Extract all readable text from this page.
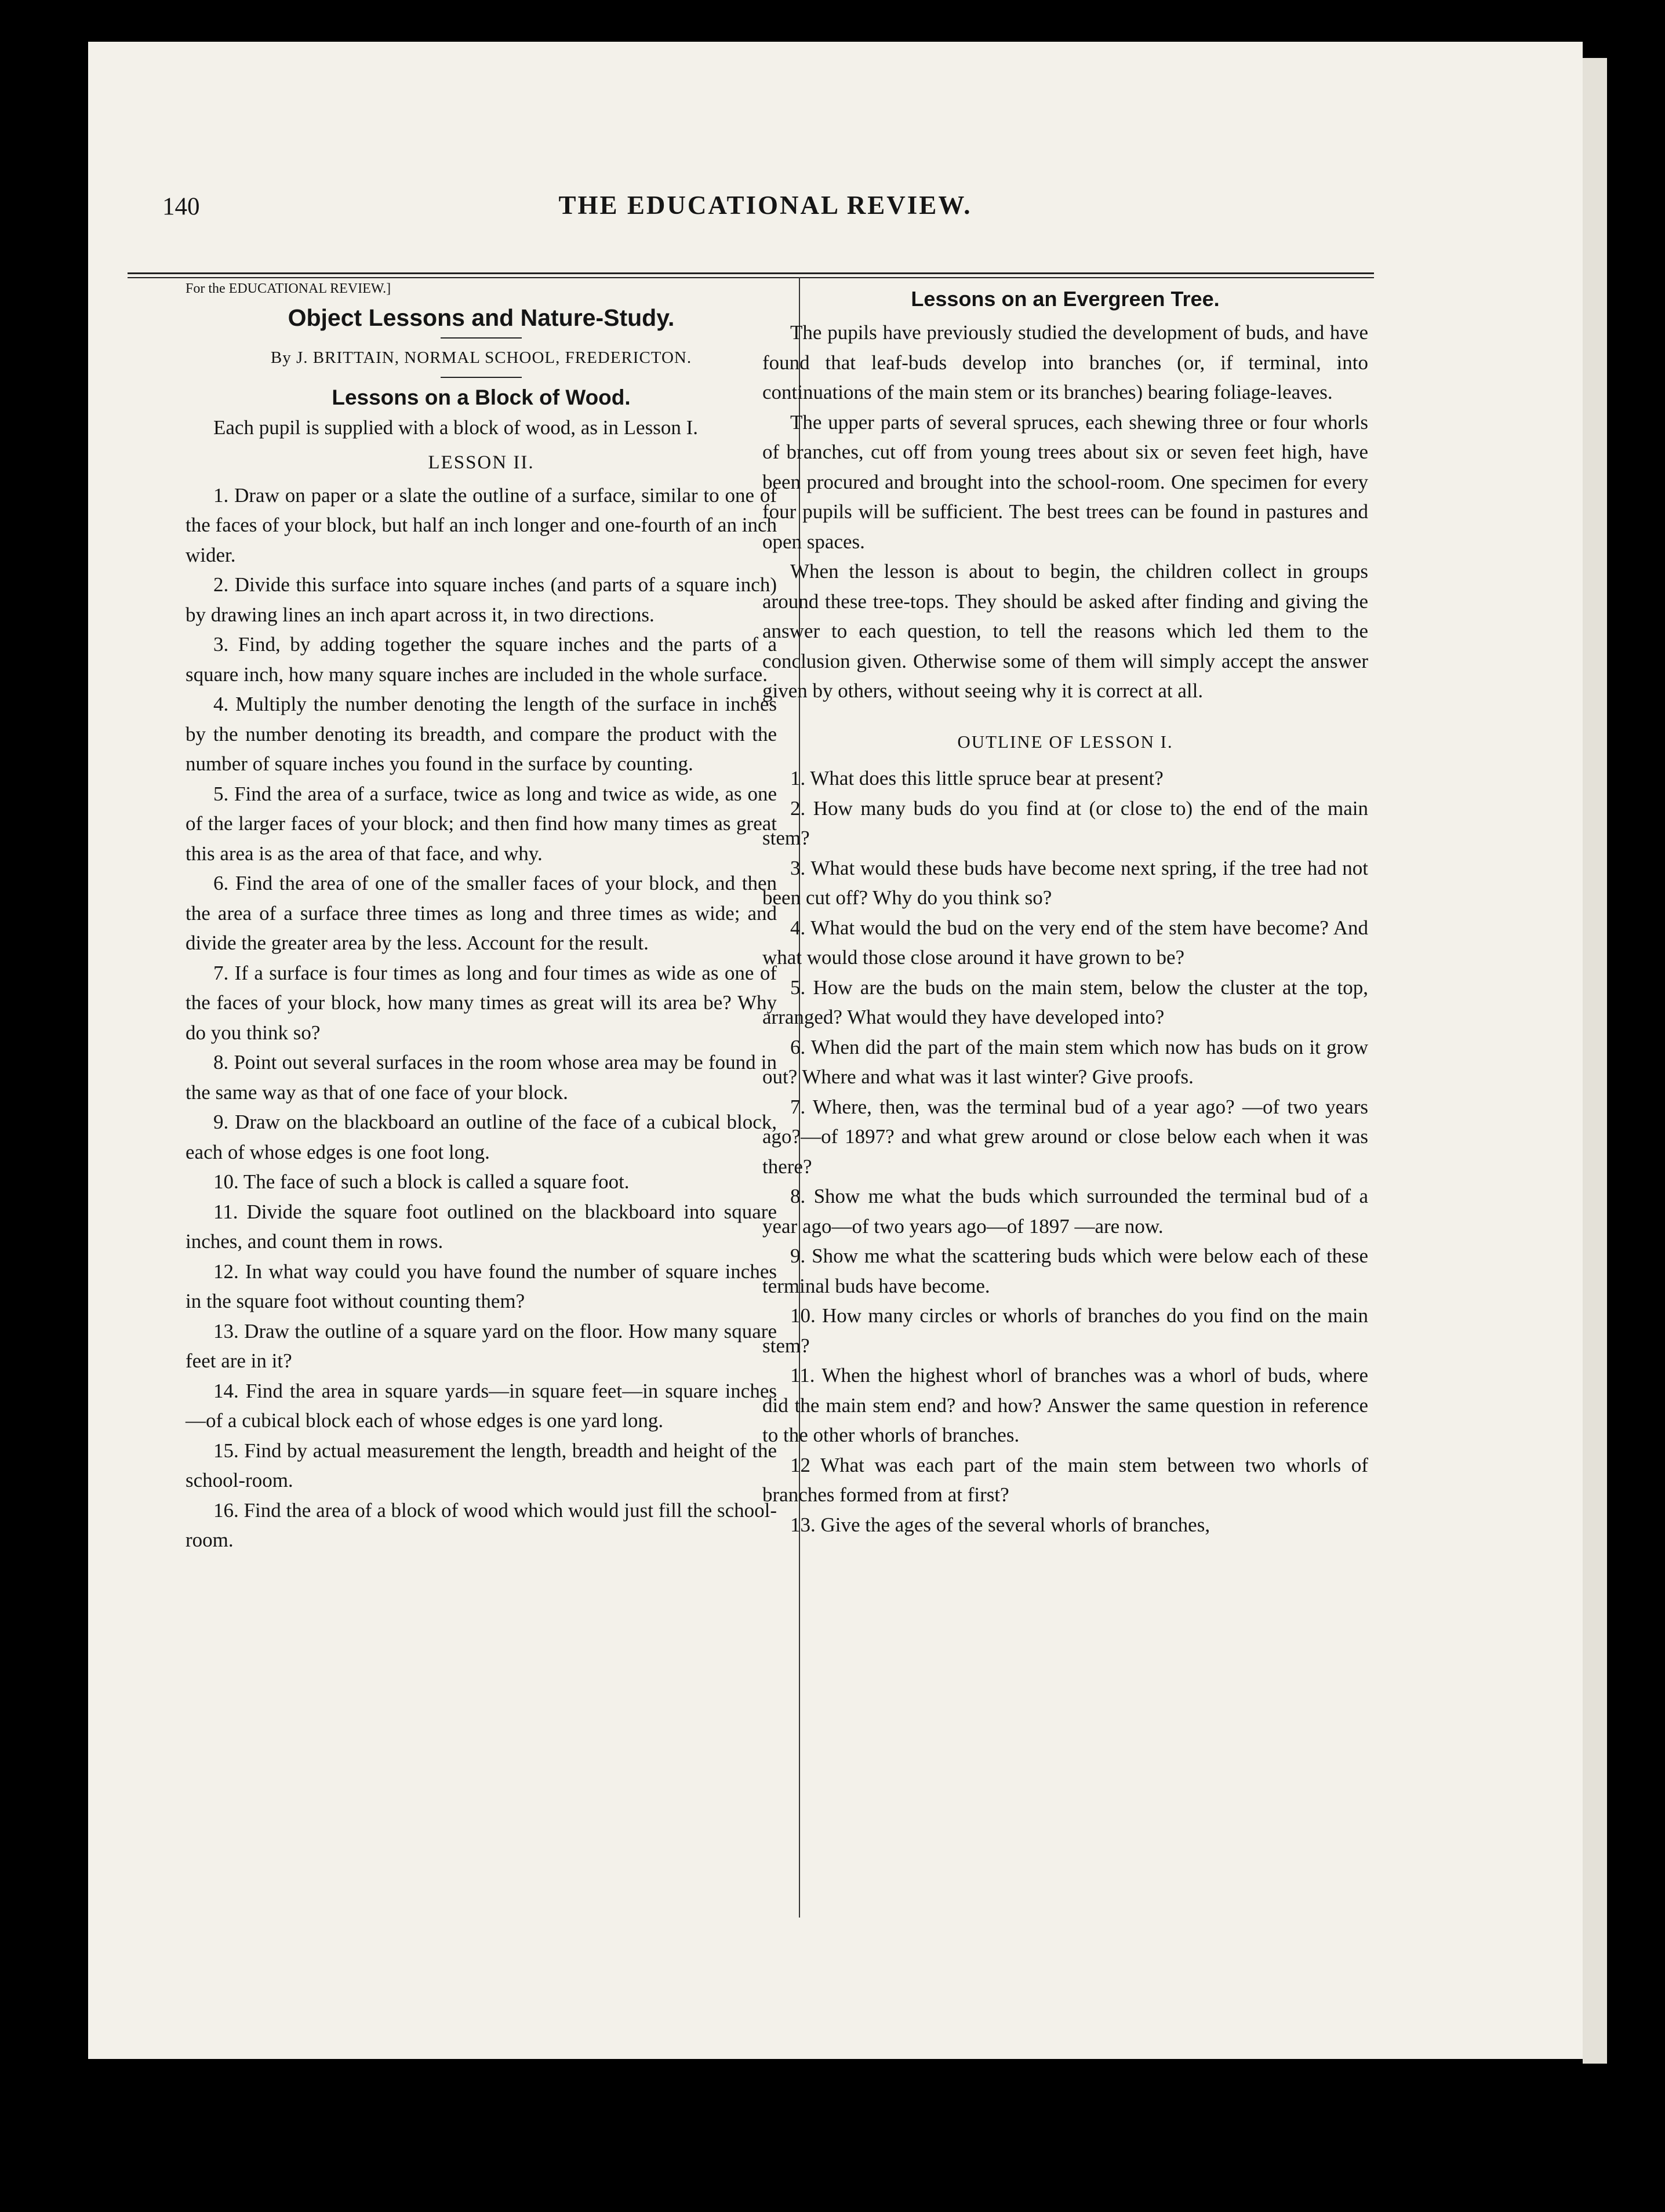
140	THE EDUCATIONAL REVIEW.

For the EDUCATIONAL REVIEW.]

Object Lessons and Nature-Study.
By J. BRITTAIN, NORMAL SCHOOL, FREDERICTON.
Lessons on a Block of Wood.

Each pupil is supplied with a block of wood, as in Lesson I.

LESSON II.

1. Draw on paper or a slate the outline of a surface, similar to one of the faces of your block, but half an inch longer and one-fourth of an inch wider.

2. Divide this surface into square inches (and parts of a square inch) by drawing lines an inch apart across it, in two directions.

3. Find, by adding together the square inches and the parts of a square inch, how many square inches are included in the whole surface.

4. Multiply the number denoting the length of the surface in inches by the number denoting its breadth, and compare the product with the number of square inches you found in the surface by counting.

5. Find the area of a surface, twice as long and twice as wide, as one of the larger faces of your block; and then find how many times as great this area is as the area of that face, and why.

6. Find the area of one of the smaller faces of your block, and then the area of a surface three times as long and three times as wide; and divide the greater area by the less. Account for the result.

7. If a surface is four times as long and four times as wide as one of the faces of your block, how many times as great will its area be? Why do you think so?

8. Point out several surfaces in the room whose area may be found in the same way as that of one face of your block.

9. Draw on the blackboard an outline of the face of a cubical block, each of whose edges is one foot long.

10. The face of such a block is called a square foot.

11. Divide the square foot outlined on the blackboard into square inches, and count them in rows.

12. In what way could you have found the number of square inches in the square foot without counting them?

13. Draw the outline of a square yard on the floor. How many square feet are in it?

14. Find the area in square yards—in square feet—in square inches—of a cubical block each of whose edges is one yard long.

15. Find by actual measurement the length, breadth and height of the school-room.

16. Find the area of a block of wood which would just fill the school-room.

Lessons on an Evergreen Tree.

The pupils have previously studied the development of buds, and have found that leaf-buds develop into branches (or, if terminal, into continuations of the main stem or its branches) bearing foliage-leaves.

The upper parts of several spruces, each shewing three or four whorls of branches, cut off from young trees about six or seven feet high, have been procured and brought into the school-room. One specimen for every four pupils will be sufficient. The best trees can be found in pastures and open spaces.

When the lesson is about to begin, the children collect in groups around these tree-tops. They should be asked after finding and giving the answer to each question, to tell the reasons which led them to the conclusion given. Otherwise some of them will simply accept the answer given by others, without seeing why it is correct at all.

OUTLINE OF LESSON I.

1. What does this little spruce bear at present?

2. How many buds do you find at (or close to) the end of the main stem?

3. What would these buds have become next spring, if the tree had not been cut off? Why do you think so?

4. What would the bud on the very end of the stem have become? And what would those close around it have grown to be?

5. How are the buds on the main stem, below the cluster at the top, arranged? What would they have developed into?

6. When did the part of the main stem which now has buds on it grow out? Where and what was it last winter? Give proofs.

7. Where, then, was the terminal bud of a year ago? —of two years ago?—of 1897? and what grew around or close below each when it was there?

8. Show me what the buds which surrounded the terminal bud of a year ago—of two years ago—of 1897 —are now.

9. Show me what the scattering buds which were below each of these terminal buds have become.

10. How many circles or whorls of branches do you find on the main stem?

11. When the highest whorl of branches was a whorl of buds, where did the main stem end? and how? Answer the same question in reference to the other whorls of branches.

12 What was each part of the main stem between two whorls of branches formed from at first?

13. Give the ages of the several whorls of branches,
